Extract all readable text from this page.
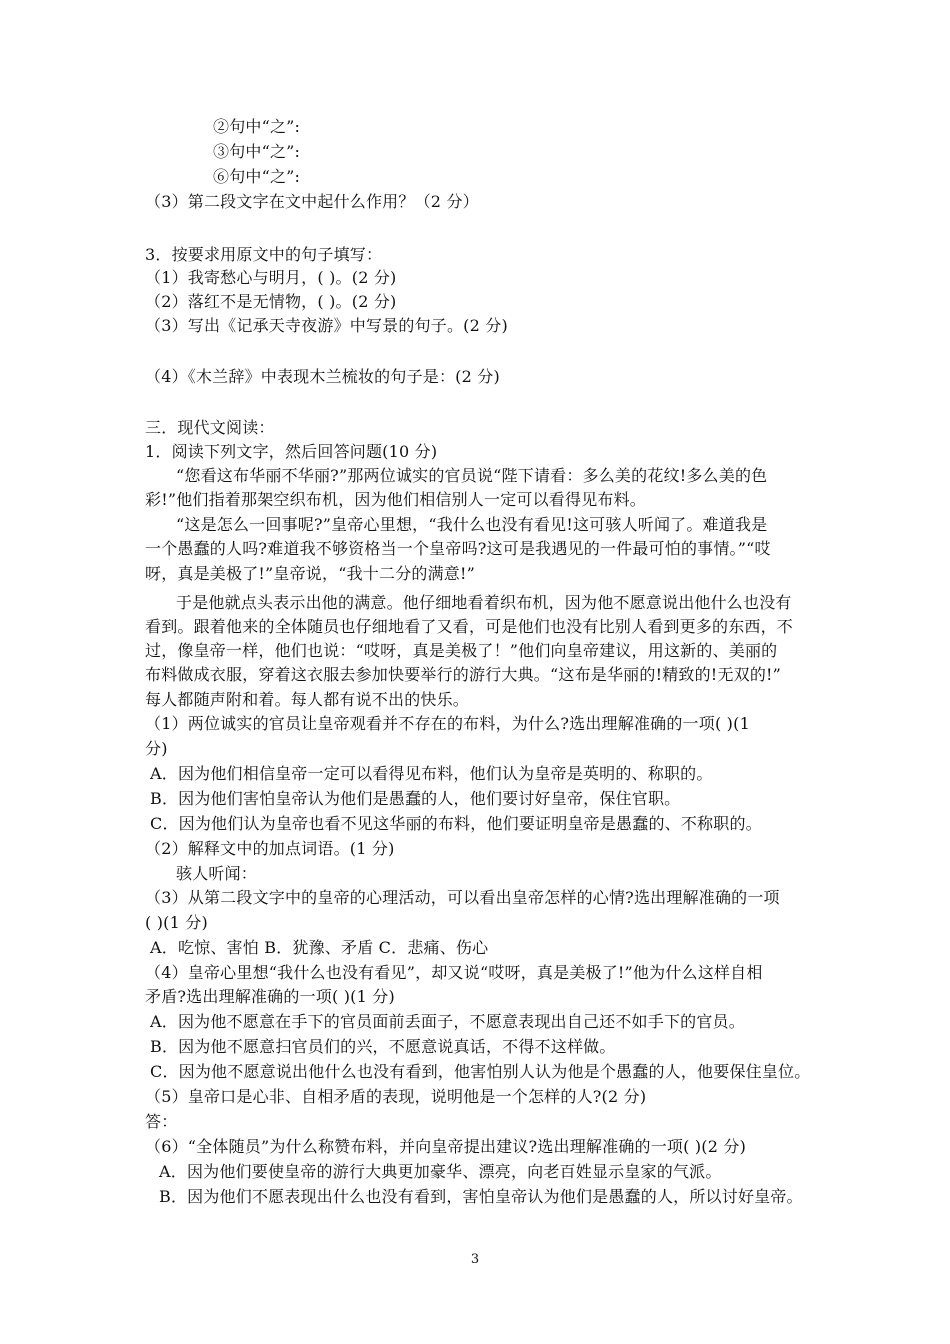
②句中“之”:
③句中“之”:
⑥句中“之”:
（3）第二段文字在文中起什么作用？（2 分）
3．按要求用原文中的句子填写：
（1）我寄愁心与明月，( )。(2 分)
（2）落红不是无情物，( )。(2 分)
（3）写出《记承天寺夜游》中写景的句子。(2 分)
（4）《木兰辞》中表现木兰梳妆的句子是：(2 分)
三．现代文阅读：
1．阅读下列文字，然后回答问题(10 分)
“您看这布华丽不华丽?”那两位诚实的官员说“陛下请看：多么美的花纹!多么美的色
彩!”他们指着那架空织布机，因为他们相信别人一定可以看得见布料。
“这是怎么一回事呢?”皇帝心里想，“我什么也没有看见!这可骇人听闻了。难道我是
一个愚蠢的人吗?难道我不够资格当一个皇帝吗?这可是我遇见的一件最可怕的事情。”“哎
呀，真是美极了!”皇帝说，“我十二分的满意!”
于是他就点头表示出他的满意。他仔细地看着织布机，因为他不愿意说出他什么也没有
看到。跟着他来的全体随员也仔细地看了又看，可是他们也没有比别人看到更多的东西，不
过，像皇帝一样，他们也说：“哎呀，真是美极了！”他们向皇帝建议，用这新的、美丽的
布料做成衣服，穿着这衣服去参加快要举行的游行大典。“这布是华丽的!精致的!无双的!”
每人都随声附和着。每人都有说不出的快乐。
（1）两位诚实的官员让皇帝观看并不存在的布料，为什么?选出理解准确的一项( )(1
分)
A．因为他们相信皇帝一定可以看得见布料，他们认为皇帝是英明的、称职的。
B．因为他们害怕皇帝认为他们是愚蠢的人，他们要讨好皇帝，保住官职。
C．因为他们认为皇帝也看不见这华丽的布料，他们要证明皇帝是愚蠢的、不称职的。
（2）解释文中的加点词语。(1 分)
骇人听闻：
（3）从第二段文字中的皇帝的心理活动，可以看出皇帝怎样的心情?选出理解准确的一项
( )(1 分)
A．吃惊、害怕 B．犹豫、矛盾 C．悲痛、伤心
（4）皇帝心里想“我什么也没有看见”，却又说“哎呀，真是美极了!”他为什么这样自相
矛盾?选出理解准确的一项( )(1 分)
A．因为他不愿意在手下的官员面前丢面子，不愿意表现出自己还不如手下的官员。
B．因为他不愿意扫官员们的兴，不愿意说真话，不得不这样做。
C．因为他不愿意说出他什么也没有看到，他害怕别人认为他是个愚蠢的人，他要保住皇位。
（5）皇帝口是心非、自相矛盾的表现，说明他是一个怎样的人?(2 分)
答：
（6）“全体随员”为什么称赞布料，并向皇帝提出建议?选出理解准确的一项( )(2 分)
A．因为他们要使皇帝的游行大典更加豪华、漂亮，向老百姓显示皇家的气派。
B．因为他们不愿表现出什么也没有看到，害怕皇帝认为他们是愚蠢的人，所以讨好皇帝。
3
